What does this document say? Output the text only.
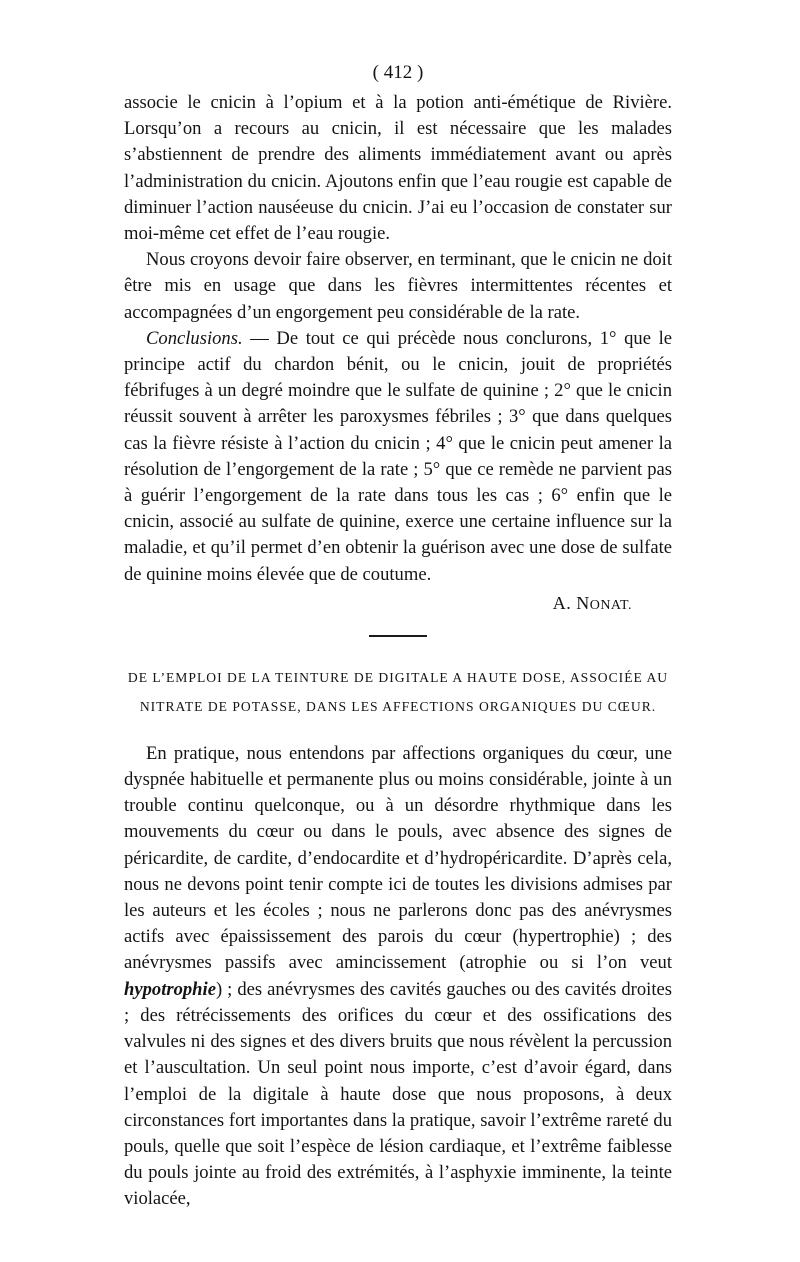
( 412 )

associe le cnicin à l’opium et à la potion anti-émétique de Rivière. Lorsqu’on a recours au cnicin, il est nécessaire que les malades s’abstiennent de prendre des aliments immédiatement avant ou après l’administration du cnicin. Ajoutons enfin que l’eau rougie est capable de diminuer l’action nauséeuse du cnicin. J’ai eu l’occasion de constater sur moi-même cet effet de l’eau rougie.

Nous croyons devoir faire observer, en terminant, que le cnicin ne doit être mis en usage que dans les fièvres intermittentes récentes et accompagnées d’un engorgement peu considérable de la rate.

Conclusions. — De tout ce qui précède nous conclurons, 1° que le principe actif du chardon bénit, ou le cnicin, jouit de propriétés fébrifuges à un degré moindre que le sulfate de quinine ; 2° que le cnicin réussit souvent à arrêter les paroxysmes fébriles ; 3° que dans quelques cas la fièvre résiste à l’action du cnicin ; 4° que le cnicin peut amener la résolution de l’engorgement de la rate ; 5° que ce remède ne parvient pas à guérir l’engorgement de la rate dans tous les cas ; 6° enfin que le cnicin, associé au sulfate de quinine, exerce une certaine influence sur la maladie, et qu’il permet d’en obtenir la guérison avec une dose de sulfate de quinine moins élevée que de coutume.

A. NONAT.
DE L’EMPLOI DE LA TEINTURE DE DIGITALE A HAUTE DOSE, ASSOCIÉE AU
NITRATE DE POTASSE, DANS LES AFFECTIONS ORGANIQUES DU CŒUR.

En pratique, nous entendons par affections organiques du cœur, une dyspnée habituelle et permanente plus ou moins considérable, jointe à un trouble continu quelconque, ou à un désordre rhythmique dans les mouvements du cœur ou dans le pouls, avec absence des signes de péricardite, de cardite, d’endocardite et d’hydropéricardite. D’après cela, nous ne devons point tenir compte ici de toutes les divisions admises par les auteurs et les écoles ; nous ne parlerons donc pas des anévrysmes actifs avec épaississement des parois du cœur (hypertrophie) ; des anévrysmes passifs avec amincissement (atrophie ou si l’on veut hypotrophie) ; des anévrysmes des cavités gauches ou des cavités droites ; des rétrécissements des orifices du cœur et des ossifications des valvules ni des signes et des divers bruits que nous révèlent la percussion et l’auscultation. Un seul point nous importe, c’est d’avoir égard, dans l’emploi de la digitale à haute dose que nous proposons, à deux circonstances fort importantes dans la pratique, savoir l’extrême rareté du pouls, quelle que soit l’espèce de lésion cardiaque, et l’extrême faiblesse du pouls jointe au froid des extrémités, à l’asphyxie imminente, la teinte violacée,
